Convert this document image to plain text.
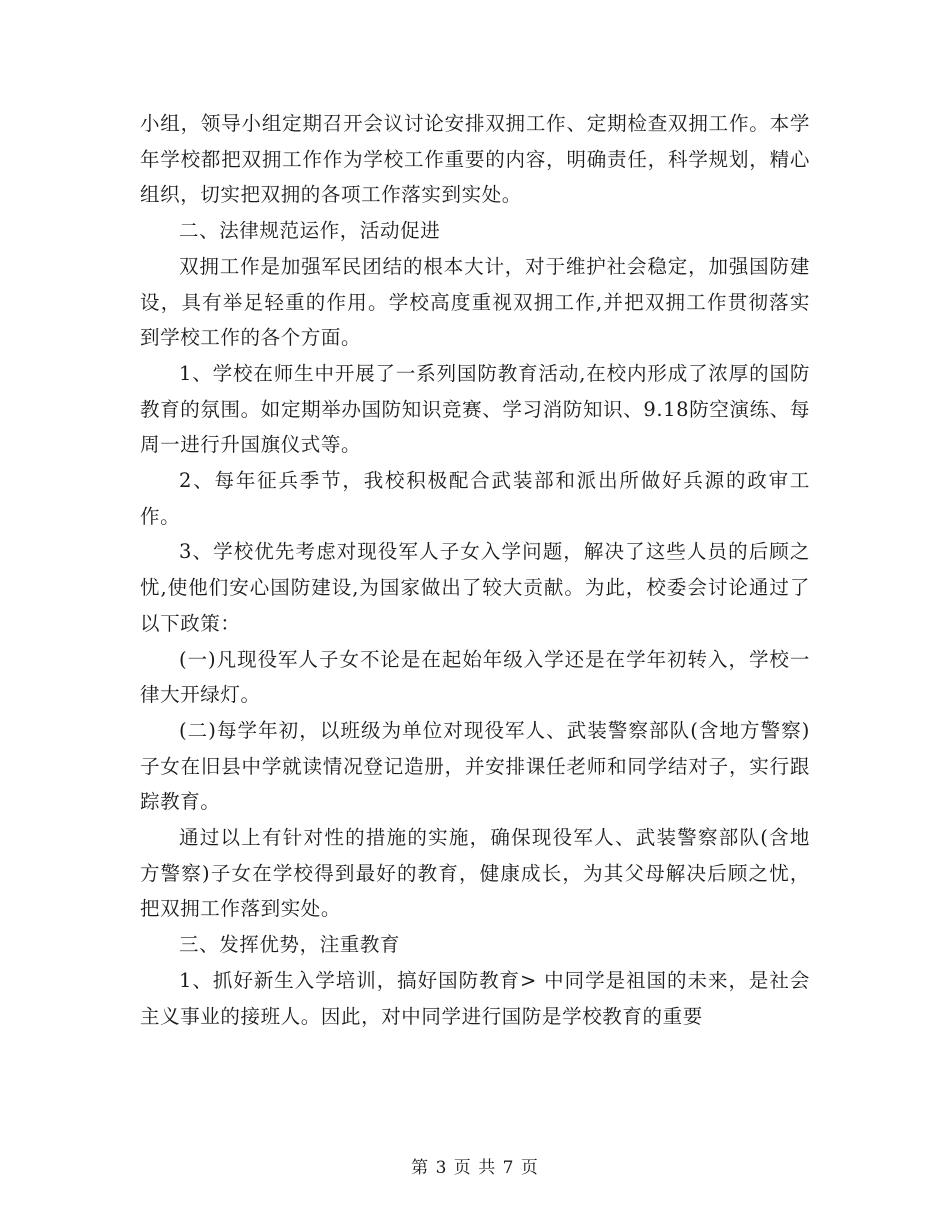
小组，领导小组定期召开会议讨论安排双拥工作、定期检查双拥工作。本学年学校都把双拥工作作为学校工作重要的内容，明确责任，科学规划，精心组织，切实把双拥的各项工作落实到实处。

二、法律规范运作，活动促进

双拥工作是加强军民团结的根本大计，对于维护社会稳定，加强国防建设，具有举足轻重的作用。学校高度重视双拥工作,并把双拥工作贯彻落实到学校工作的各个方面。

1、学校在师生中开展了一系列国防教育活动,在校内形成了浓厚的国防教育的氛围。如定期举办国防知识竞赛、学习消防知识、9.18防空演练、每周一进行升国旗仪式等。

2、每年征兵季节，我校积极配合武装部和派出所做好兵源的政审工作。

3、学校优先考虑对现役军人子女入学问题，解决了这些人员的后顾之忧,使他们安心国防建设,为国家做出了较大贡献。为此，校委会讨论通过了以下政策：

(一)凡现役军人子女不论是在起始年级入学还是在学年初转入，学校一律大开绿灯。

(二)每学年初，以班级为单位对现役军人、武装警察部队(含地方警察)子女在旧县中学就读情况登记造册，并安排课任老师和同学结对子，实行跟踪教育。

通过以上有针对性的措施的实施，确保现役军人、武装警察部队(含地方警察)子女在学校得到最好的教育，健康成长，为其父母解决后顾之忧，把双拥工作落到实处。

三、发挥优势，注重教育

1、抓好新生入学培训，搞好国防教育> 中同学是祖国的未来，是社会主义事业的接班人。因此，对中同学进行国防是学校教育的重要

第 3 页 共 7 页
